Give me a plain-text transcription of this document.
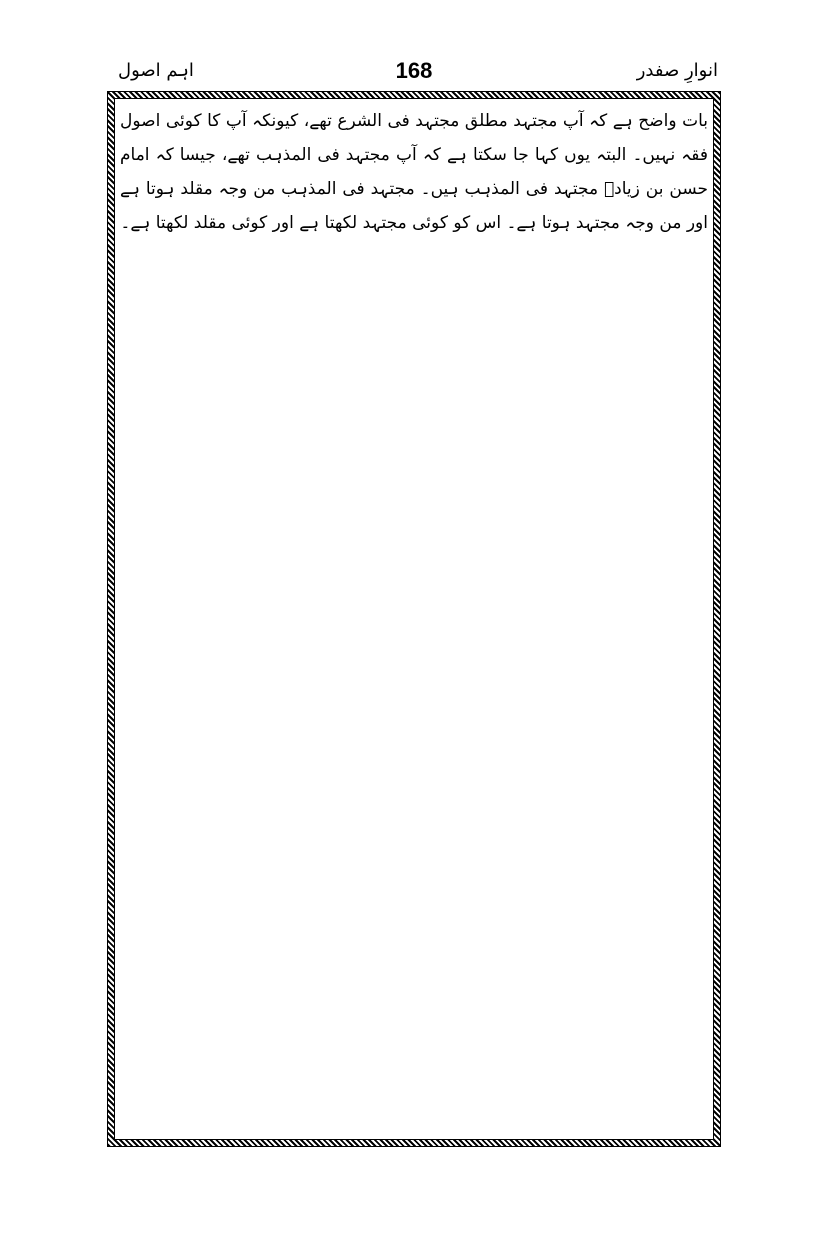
انوارِ صفدر
168
اہم اصول

بات واضح ہے کہ آپ مجتہد مطلق مجتہد فی الشرع تھے، کیونکہ آپ کا کوئی اصول فقہ نہیں۔ البتہ یوں کہا جا سکتا ہے کہ آپ مجتہد فی المذہب تھے، جیسا کہ امام حسن بن زیادؒ مجتہد فی المذہب ہیں۔ مجتہد فی المذہب من وجہ مقلد ہوتا ہے اور من وجہ مجتہد ہوتا ہے۔ اس کو کوئی مجتہد لکھتا ہے اور کوئی مقلد لکھتا ہے۔
